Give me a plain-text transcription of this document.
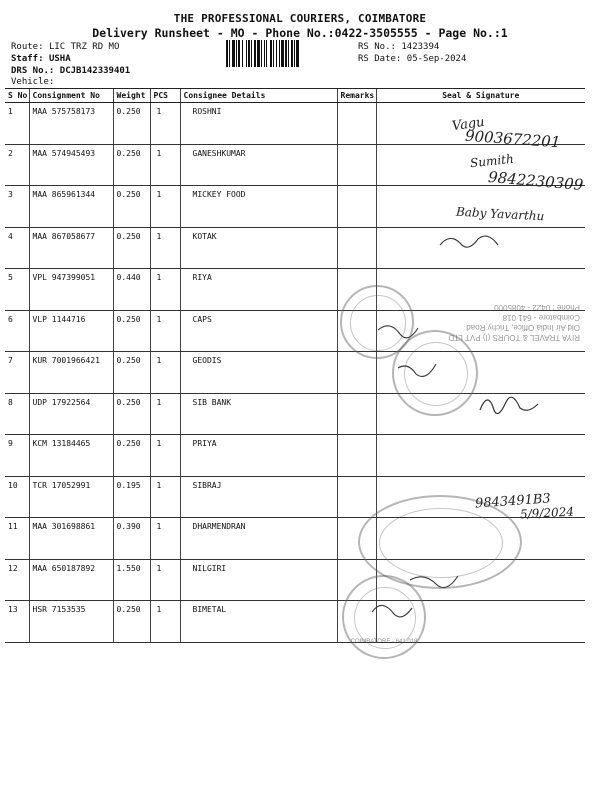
THE PROFESSIONAL COURIERS, COIMBATORE
Delivery Runsheet - MO - Phone No.:0422-3505555 - Page No.:1
Route: LIC TRZ RD MO
Staff: USHA
DRS No.: DCJB142339401
Vehicle:
RS No.: 1423394
RS Date: 05-Sep-2024
S No	Consignment No	Weight	PCS	Consignee Details	Remarks	Seal & Signature
1	MAA 575758173	0.250	1	ROSHNI		
2	MAA 574945493	0.250	1	GANESHKUMAR		
3	MAA 865961344	0.250	1	MICKEY FOOD		
4	MAA 867058677	0.250	1	KOTAK		
5	VPL 947399051	0.440	1	RIYA		
6	VLP 1144716	0.250	1	CAPS		
7	KUR 7001966421	0.250	1	GEODIS		
8	UDP 17922564	0.250	1	SIB BANK		
9	KCM 13184465	0.250	1	PRIYA		
10	TCR 17052991	0.195	1	SIBRAJ		
11	MAA 301698861	0.390	1	DHARMENDRAN		
12	MAA 650187892	1.550	1	NILGIRI		
13	HSR 7153535	0.250	1	BIMETAL		
Vagu
9003672201
Sumith
9842230309
Baby Yavarthu
9843491B3
5/9/2024
RIYA TRAVEL & TOURS (I) PVT LTD
Old Air India Office, Trichy Road
Coimbatore - 641 018
Phone : 0422 - 4085000
COIMBATORE - 641 018
